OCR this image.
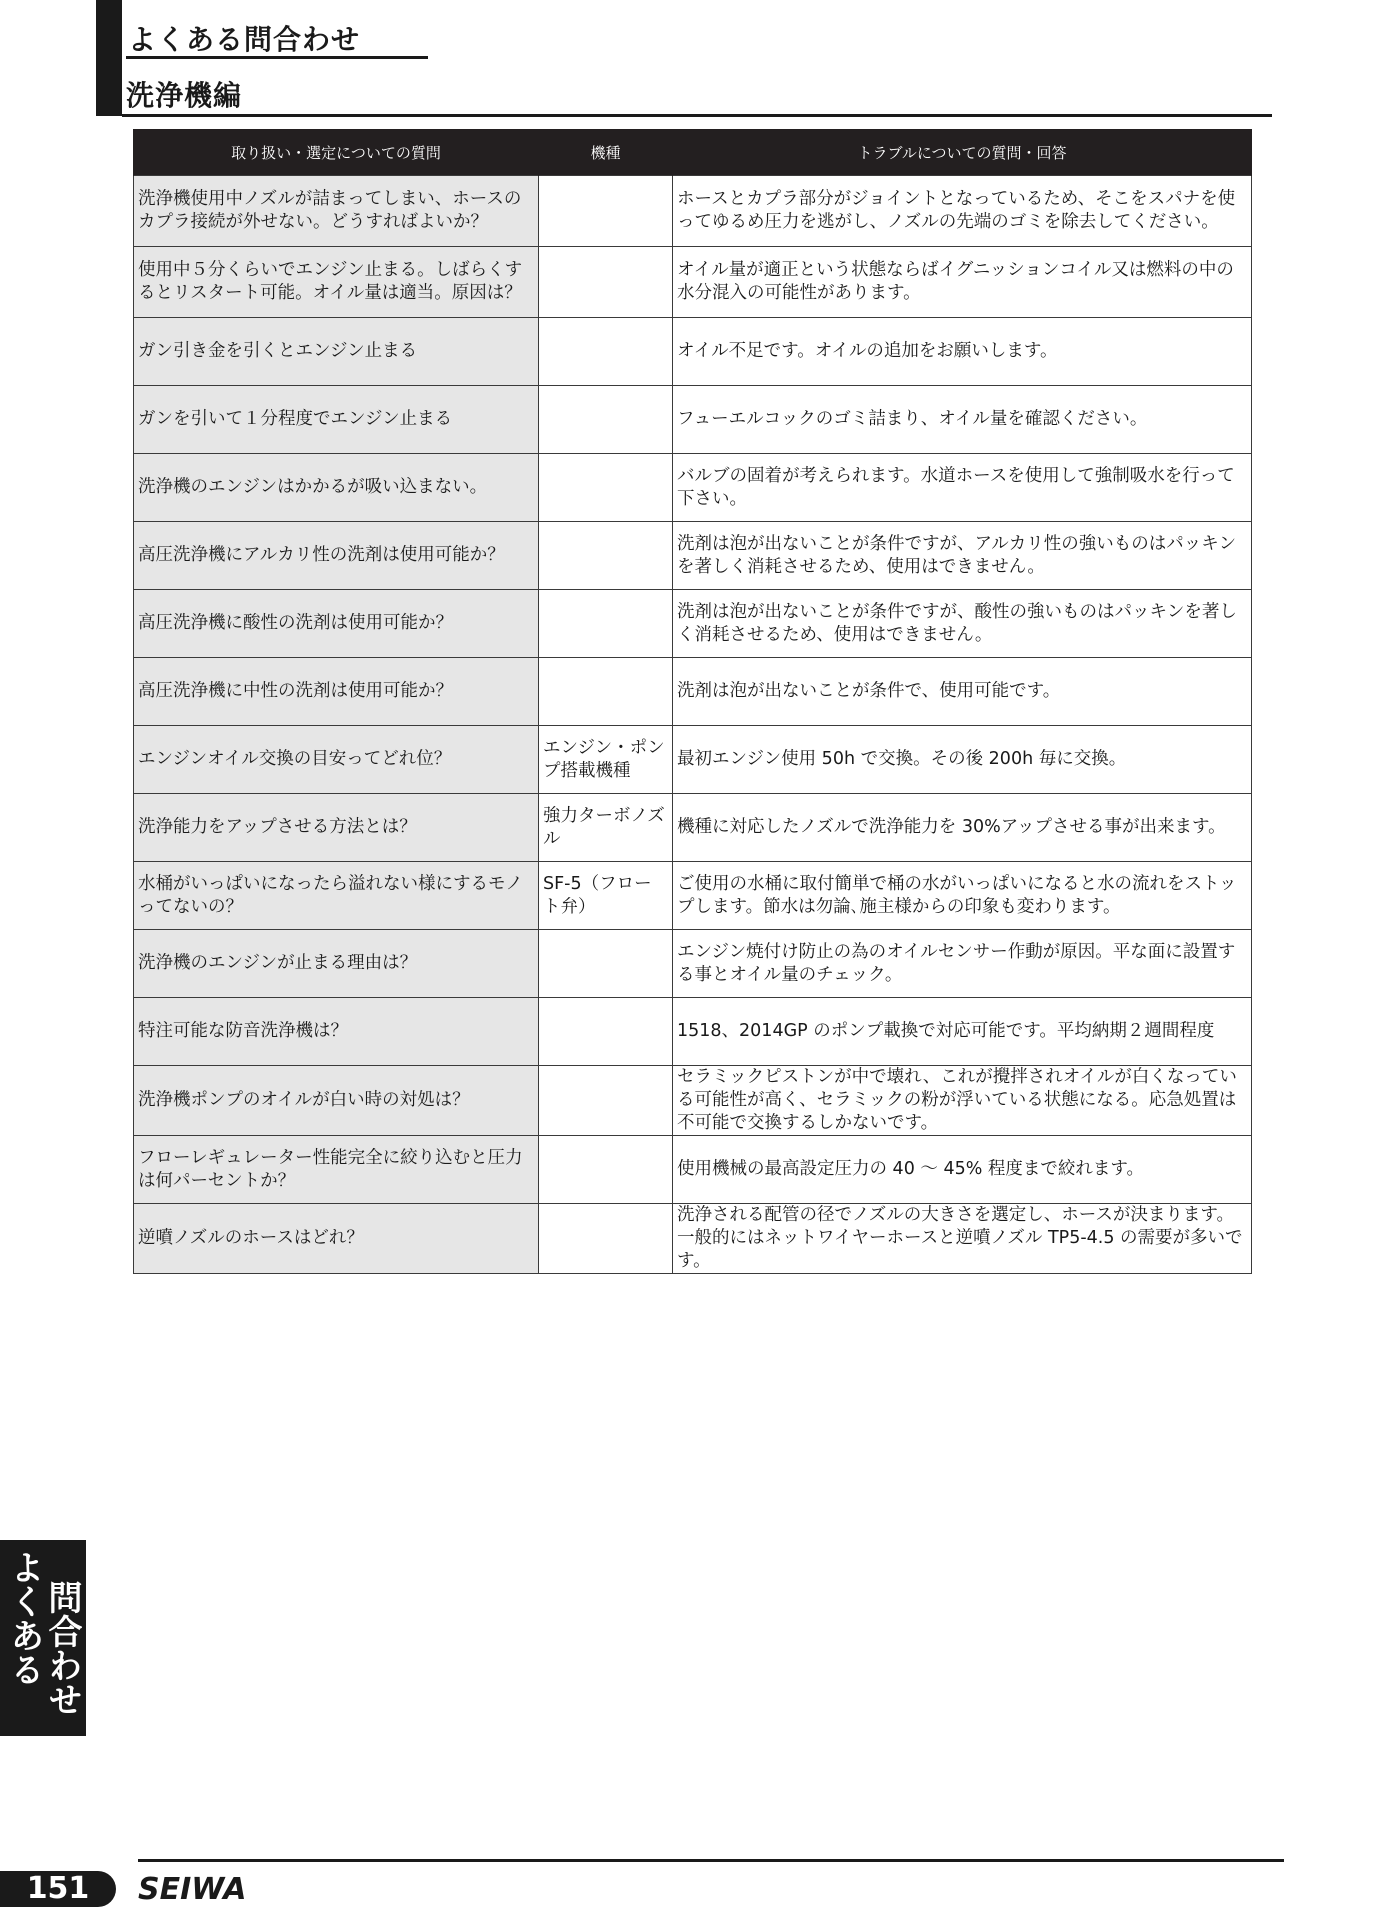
よくある問合わせ
洗浄機編
取り扱い・選定についての質問	機種	トラブルについての質問・回答
洗浄機使用中ノズルが詰まってしまい、ホースのカプラ接続が外せない。どうすればよいか？		ホースとカプラ部分がジョイントとなっているため、そこをスパナを使ってゆるめ圧力を逃がし、ノズルの先端のゴミを除去してください。
使用中５分くらいでエンジン止まる。しばらくするとリスタート可能。オイル量は適当。原因は？		オイル量が適正という状態ならばイグニッションコイル又は燃料の中の水分混入の可能性があります。
ガン引き金を引くとエンジン止まる		オイル不足です。オイルの追加をお願いします。
ガンを引いて１分程度でエンジン止まる		フューエルコックのゴミ詰まり、オイル量を確認ください。
洗浄機のエンジンはかかるが吸い込まない。		バルブの固着が考えられます。水道ホースを使用して強制吸水を行って下さい。
高圧洗浄機にアルカリ性の洗剤は使用可能か？		洗剤は泡が出ないことが条件ですが、アルカリ性の強いものはパッキンを著しく消耗させるため、使用はできません。
高圧洗浄機に酸性の洗剤は使用可能か？		洗剤は泡が出ないことが条件ですが、酸性の強いものはパッキンを著しく消耗させるため、使用はできません。
高圧洗浄機に中性の洗剤は使用可能か？		洗剤は泡が出ないことが条件で、使用可能です。
エンジンオイル交換の目安ってどれ位？	エンジン・ポンプ搭載機種	最初エンジン使用 50h で交換。その後 200h 毎に交換。
洗浄能力をアップさせる方法とは？	強力ターボノズル	機種に対応したノズルで洗浄能力を 30%アップさせる事が出来ます。
水桶がいっぱいになったら溢れない様にするモノってないの？	SF-5（フロート弁）	ご使用の水桶に取付簡単で桶の水がいっぱいになると水の流れをストップします。節水は勿論､施主様からの印象も変わります。
洗浄機のエンジンが止まる理由は？		エンジン焼付け防止の為のオイルセンサー作動が原因。平な面に設置する事とオイル量のチェック。
特注可能な防音洗浄機は？		1518、2014GP のポンプ載換で対応可能です。平均納期２週間程度
洗浄機ポンプのオイルが白い時の対処は？		セラミックピストンが中で壊れ、これが攪拌されオイルが白くなっている可能性が高く、セラミックの粉が浮いている状態になる。応急処置は不可能で交換するしかないです。
フローレギュレーター性能完全に絞り込むと圧力は何パーセントか？		使用機械の最高設定圧力の 40 〜 45% 程度まで絞れます。
逆噴ノズルのホースはどれ？		洗浄される配管の径でノズルの大きさを選定し、ホースが決まります。一般的にはネットワイヤーホースと逆噴ノズル TP5-4.5 の需要が多いです。
問合わせ
よくある
151	SEIWA
